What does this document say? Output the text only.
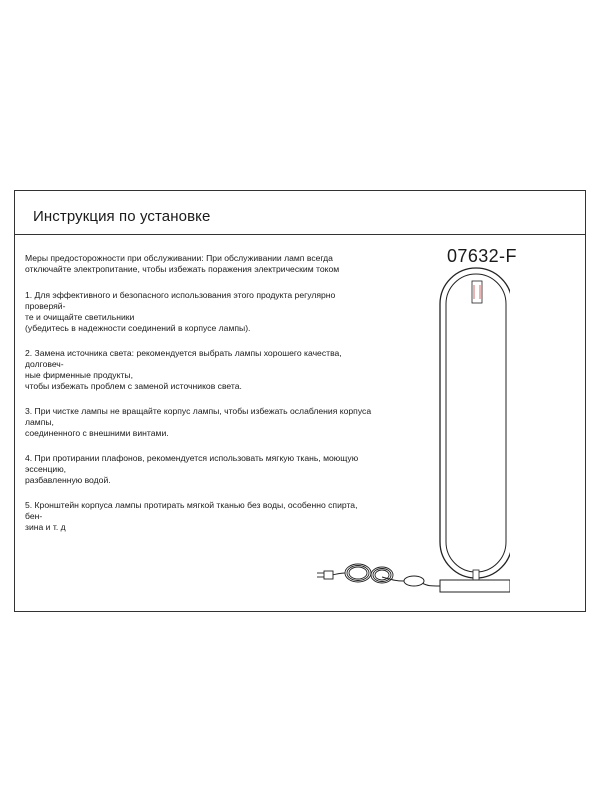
Инструкция по установке
07632-F

Меры предосторожности при обслуживании: При обслуживании ламп всегда отключайте электропитание, чтобы избежать поражения электрическим током

1. Для эффективного и безопасного использования этого продукта регулярно проверяй-
те и очищайте светильники
(убедитесь в надежности соединений в корпусе лампы).

2. Замена источника света: рекомендуется выбрать лампы хорошего качества, долговеч-
ные фирменные продукты,
чтобы избежать проблем с заменой источников света.

3. При чистке лампы не вращайте корпус лампы, чтобы избежать ослабления корпуса
лампы,
соединенного с внешними винтами.

4. При протирании плафонов, рекомендуется использовать мягкую ткань, моющую
эссенцию,
разбавленную водой.

5. Кронштейн корпуса лампы протирать мягкой тканью без воды, особенно спирта, бен-
зина и т. д
